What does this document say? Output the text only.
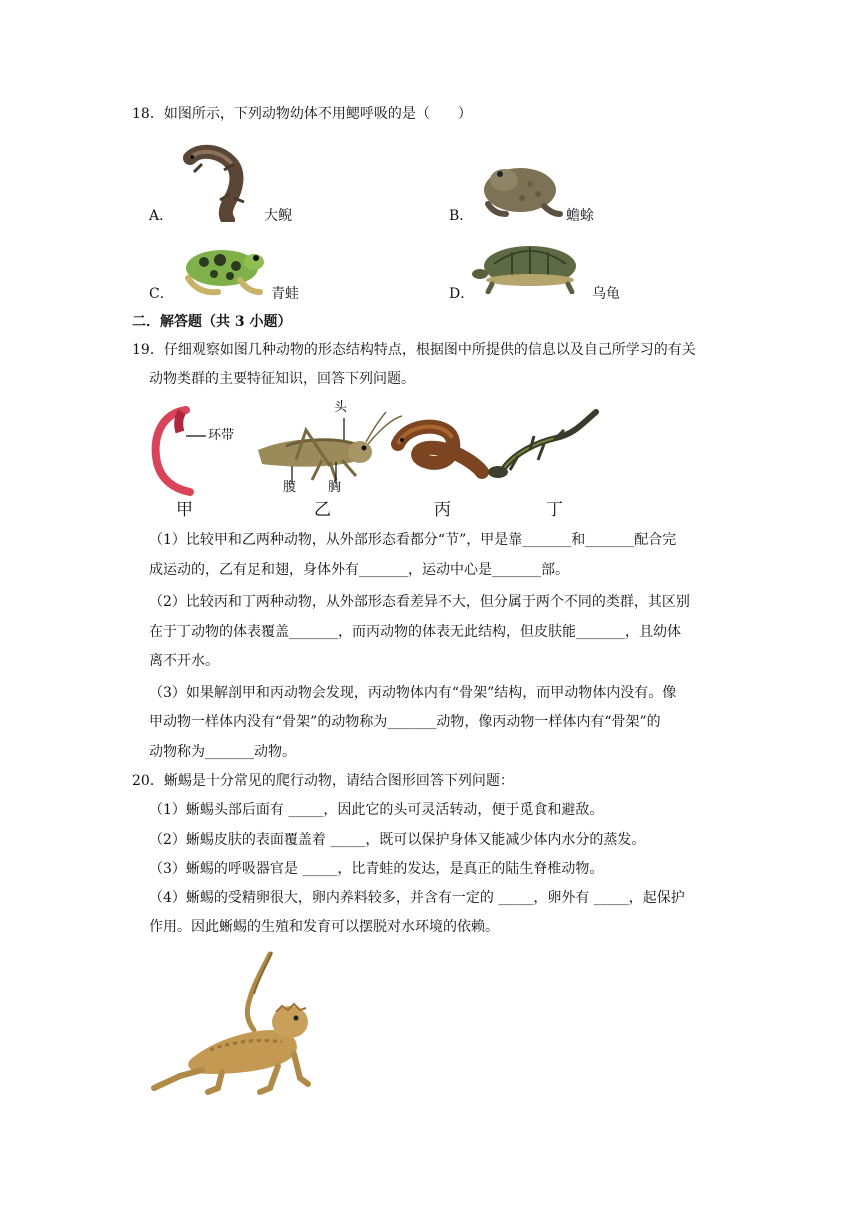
18．如图所示，下列动物幼体不用鳃呼吸的是（　　）
A．	大鲵	B．	蟾蜍
C．	青蛙	D．	乌龟
二．解答题（共 3 小题）
19．仔细观察如图几种动物的形态结构特点，根据图中所提供的信息以及自己所学习的有关
动物类群的主要特征知识，回答下列问题。
环带
头
腹 胸
甲	乙	丙	丁
（1）比较甲和乙两种动物，从外部形态看都分“节”，甲是靠_______和_______配合完
成运动的，乙有足和翅，身体外有_______，运动中心是_______部。
（2）比较丙和丁两种动物，从外部形态看差异不大，但分属于两个不同的类群，其区别
在于丁动物的体表覆盖_______，而丙动物的体表无此结构，但皮肤能_______，且幼体
离不开水。
（3）如果解剖甲和丙动物会发现，丙动物体内有“骨架”结构，而甲动物体内没有。像
甲动物一样体内没有“骨架”的动物称为_______动物，像丙动物一样体内有“骨架”的
动物称为_______动物。
20．蜥蜴是十分常见的爬行动物，请结合图形回答下列问题：
（1）蜥蜴头部后面有 _____，因此它的头可灵活转动，便于觅食和避敌。
（2）蜥蜴皮肤的表面覆盖着 _____，既可以保护身体又能减少体内水分的蒸发。
（3）蜥蜴的呼吸器官是 _____，比青蛙的发达，是真正的陆生脊椎动物。
（4）蜥蜴的受精卵很大，卵内养料较多，并含有一定的 _____，卵外有 _____，起保护
作用。因此蜥蜴的生殖和发育可以摆脱对水环境的依赖。
